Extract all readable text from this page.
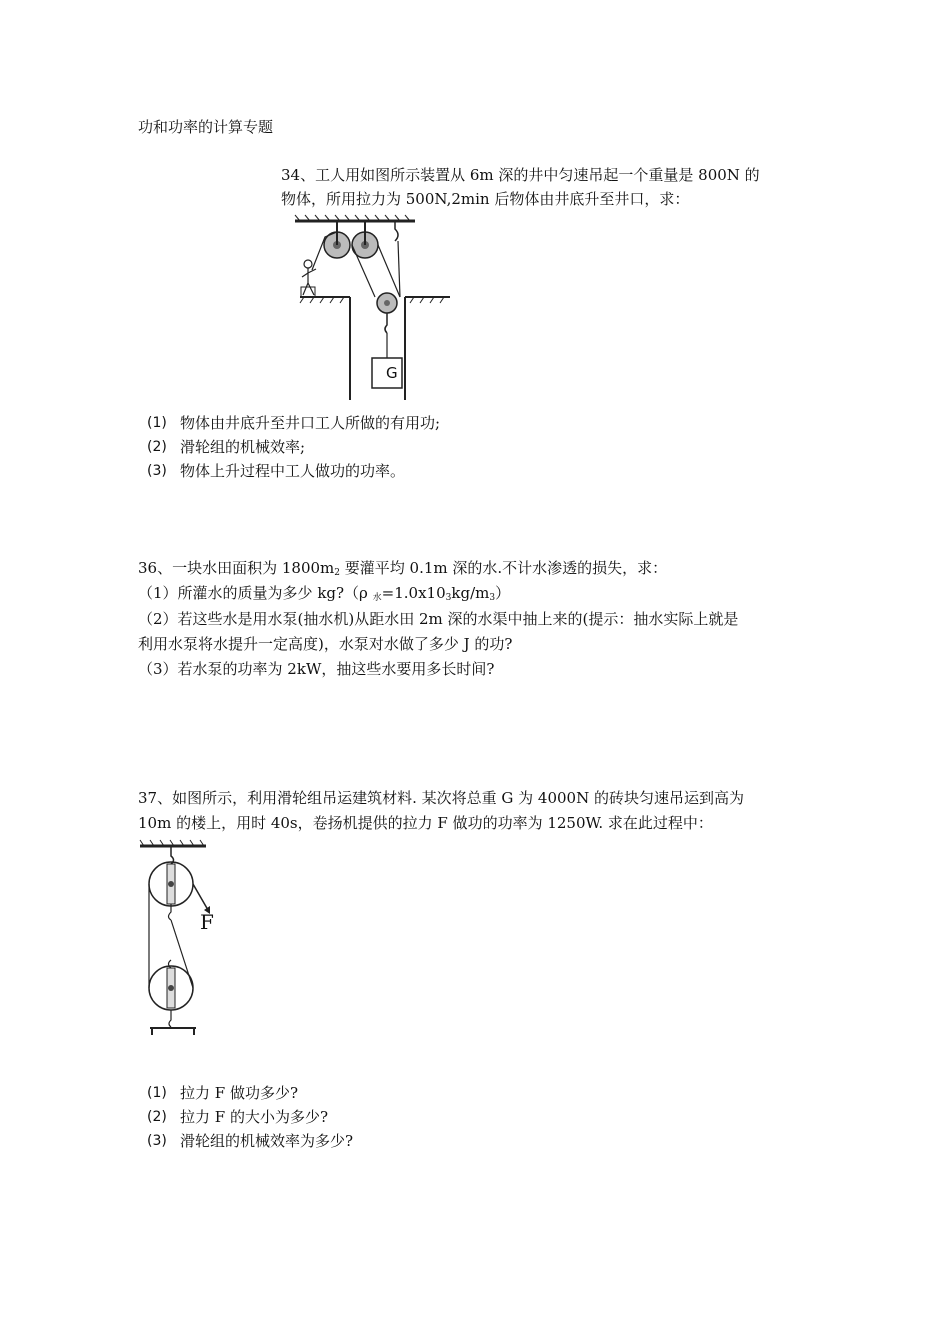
功和功率的计算专题
34、工人用如图所示装置从 6m 深的井中匀速吊起一个重量是 800N 的
物体，所用拉力为 500N,2min 后物体由井底升至井口，求：
G
(1) 物体由井底升至井口工人所做的有用功;
(2) 滑轮组的机械效率;
(3) 物体上升过程中工人做功的功率。
36、一块水田面积为 $1800m_2$ 要灌平均 0.1m 深的水.不计水渗透的损失，求：
（1）所灌水的质量为多少 kg?（ρ $_水=1.0x10_3kg/m_3$）
（2）若这些水是用水泵(抽水机)从距水田 2m 深的水渠中抽上来的(提示：抽水实际上就是
利用水泵将水提升一定高度)，水泵对水做了多少 J 的功?
（3）若水泵的功率为 2kW，抽这些水要用多长时间?
37、如图所示，利用滑轮组吊运建筑材料. 某次将总重 G 为 4000N 的砖块匀速吊运到高为
10m 的楼上，用时 40s，卷扬机提供的拉力 F 做功的功率为 1250W. 求在此过程中：
F
(1) 拉力 F 做功多少?
(2) 拉力 F 的大小为多少?
(3) 滑轮组的机械效率为多少?
